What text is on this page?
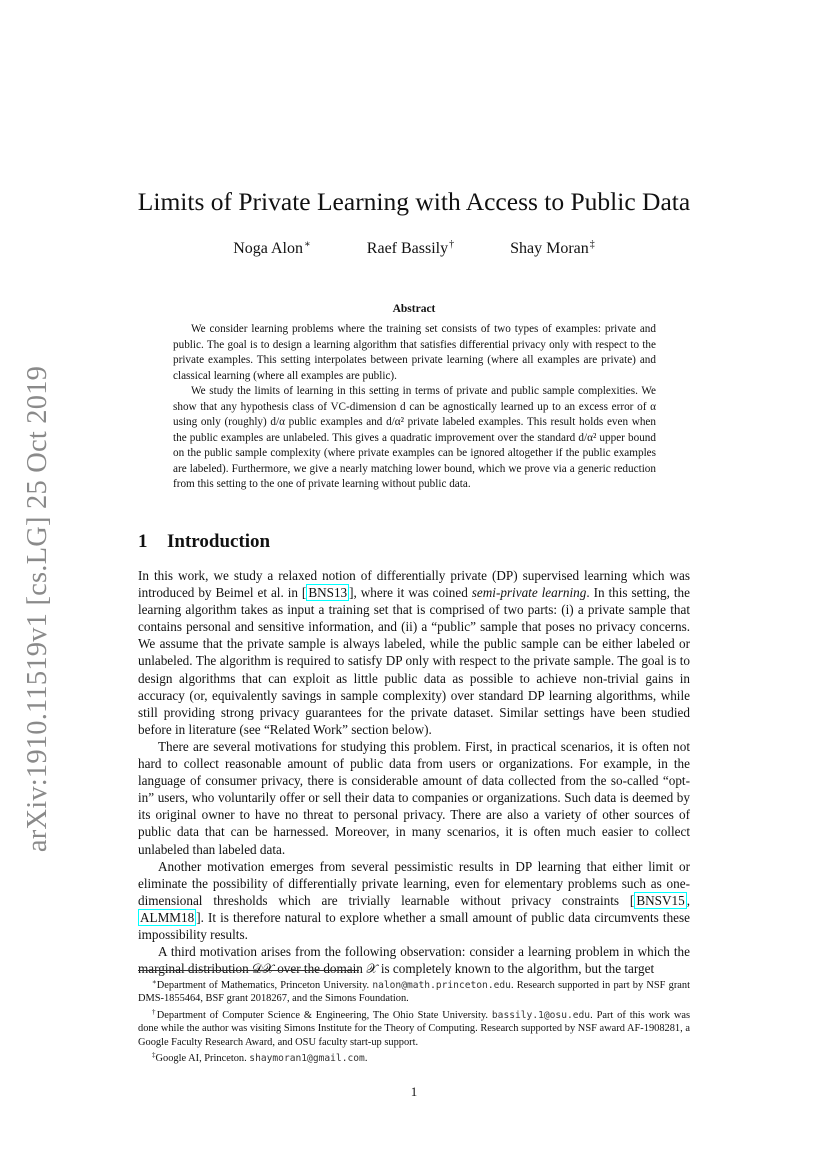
arXiv:1910.11519v1 [cs.LG] 25 Oct 2019
Limits of Private Learning with Access to Public Data
Noga Alon∗	Raef Bassily†	Shay Moran‡
Abstract

We consider learning problems where the training set consists of two types of examples: private and public. The goal is to design a learning algorithm that satisfies differential privacy only with respect to the private examples. This setting interpolates between private learning (where all examples are private) and classical learning (where all examples are public).

We study the limits of learning in this setting in terms of private and public sample complexities. We show that any hypothesis class of VC-dimension d can be agnostically learned up to an excess error of α using only (roughly) d/α public examples and d/α² private labeled examples. This result holds even when the public examples are unlabeled. This gives a quadratic improvement over the standard d/α² upper bound on the public sample complexity (where private examples can be ignored altogether if the public examples are labeled). Furthermore, we give a nearly matching lower bound, which we prove via a generic reduction from this setting to the one of private learning without public data.

1 Introduction

In this work, we study a relaxed notion of differentially private (DP) supervised learning which was introduced by Beimel et al. in [ BNS13 ], where it was coined semi-private learning. In this setting, the learning algorithm takes as input a training set that is comprised of two parts: (i) a private sample that contains personal and sensitive information, and (ii) a “public” sample that poses no privacy concerns. We assume that the private sample is always labeled, while the public sample can be either labeled or unlabeled. The algorithm is required to satisfy DP only with respect to the private sample. The goal is to design algorithms that can exploit as little public data as possible to achieve non-trivial gains in accuracy (or, equivalently savings in sample complexity) over standard DP learning algorithms, while still providing strong privacy guarantees for the private dataset. Similar settings have been studied before in literature (see “Related Work” section below).

There are several motivations for studying this problem. First, in practical scenarios, it is often not hard to collect reasonable amount of public data from users or organizations. For example, in the language of consumer privacy, there is considerable amount of data collected from the so-called “opt-in” users, who voluntarily offer or sell their data to companies or organizations. Such data is deemed by its original owner to have no threat to personal privacy. There are also a variety of other sources of public data that can be harnessed. Moreover, in many scenarios, it is often much easier to collect unlabeled than labeled data.

Another motivation emerges from several pessimistic results in DP learning that either limit or eliminate the possibility of differentially private learning, even for elementary problems such as one-dimensional thresholds which are trivially learnable without privacy constraints [ BNSV15 , ALMM18 ]. It is therefore natural to explore whether a small amount of public data circumvents these impossibility results.

A third motivation arises from the following observation: consider a learning problem in which the marginal distribution 𝒟𝒳 over the domain 𝒳 is completely known to the algorithm, but the target

∗Department of Mathematics, Princeton University. nalon@math.princeton.edu. Research supported in part by NSF grant DMS-1855464, BSF grant 2018267, and the Simons Foundation.

†Department of Computer Science & Engineering, The Ohio State University. bassily.1@osu.edu. Part of this work was done while the author was visiting Simons Institute for the Theory of Computing. Research supported by NSF award AF-1908281, a Google Faculty Research Award, and OSU faculty start-up support.

‡Google AI, Princeton. shaymoran1@gmail.com.

1
